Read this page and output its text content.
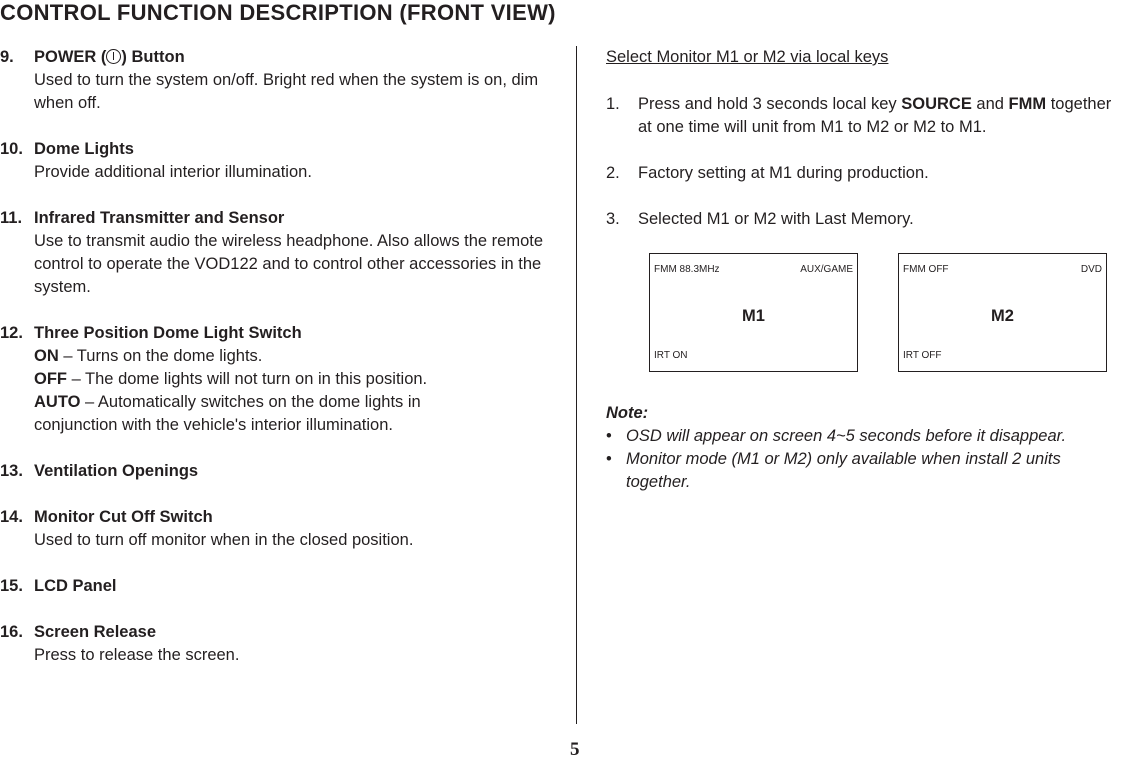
CONTROL FUNCTION DESCRIPTION (FRONT VIEW)
9. POWER ( ) Button
Used to turn the system on/off. Bright red when the system is on, dim when off.
10. Dome Lights
Provide additional interior illumination.
11. Infrared Transmitter and Sensor
Use to transmit audio the wireless headphone. Also allows the remote control to operate the VOD122 and to control other accessories in the system.
12. Three Position Dome Light Switch
ON – Turns on the dome lights.
OFF – The dome lights will not turn on in this position.
AUTO – Automatically switches on the dome lights in conjunction with the vehicle's interior illumination.
13. Ventilation Openings
14. Monitor Cut Off Switch
Used to turn off monitor when in the closed position.
15. LCD Panel
16. Screen Release
Press to release the screen.
Select Monitor M1 or M2 via local keys
1. Press and hold 3 seconds local key SOURCE and FMM together at one time will unit from M1 to M2 or M2 to M1.
2. Factory setting at M1 during production.
3. Selected M1 or M2 with Last Memory.
FMM 88.3MHz	AUX/GAME
M1
IRT ON
FMM OFF	DVD
M2
IRT OFF
Note:
• OSD will appear on screen 4~5 seconds before it disappear.
• Monitor mode (M1 or M2) only available when install 2 units together.
5
